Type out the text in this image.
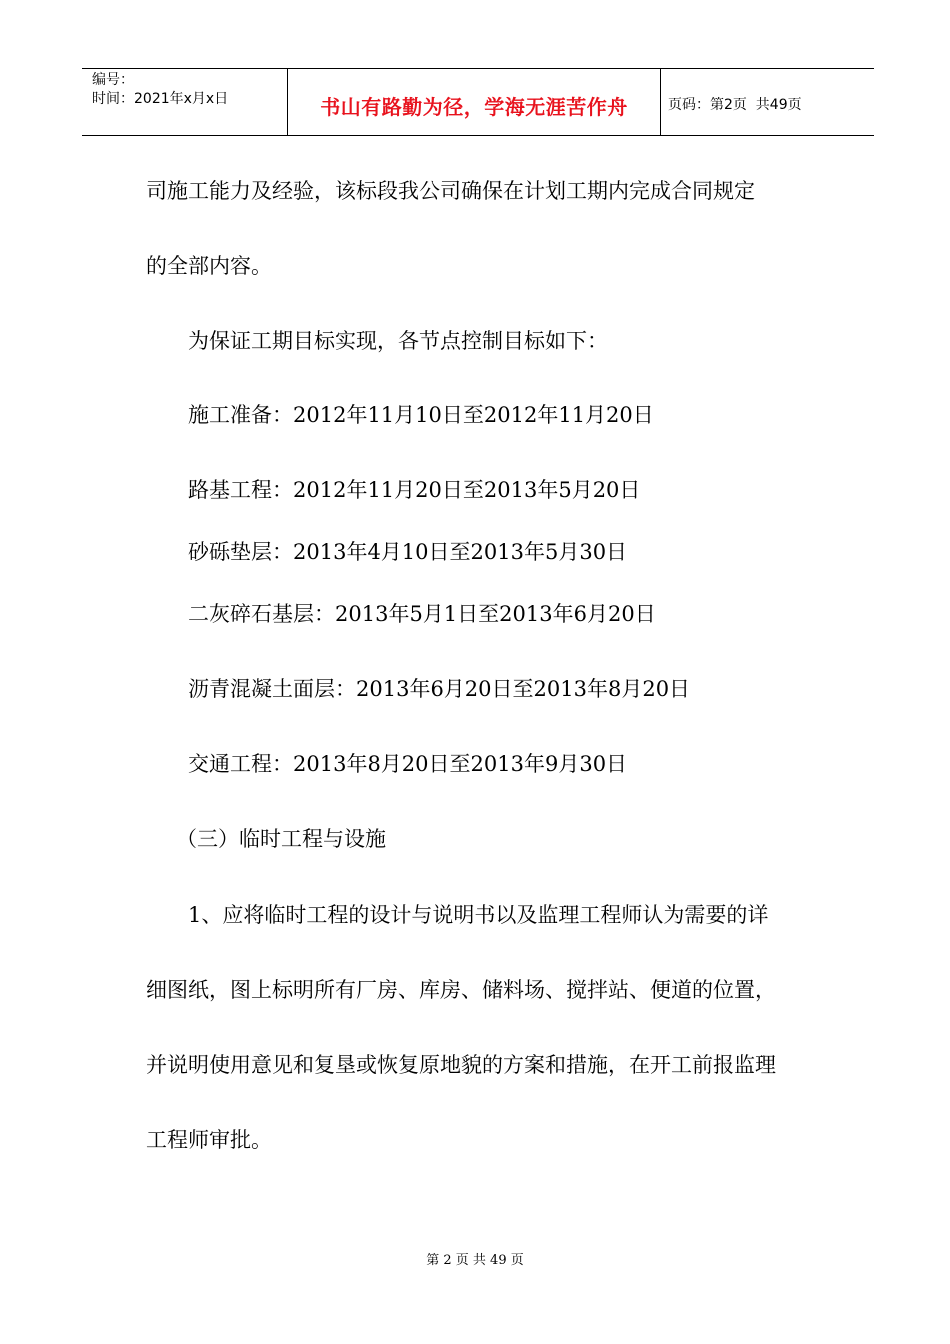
编号：
时间：2021年x月x日	书山有路勤为径，学海无涯苦作舟	页码：第2页  共49页

司施工能力及经验，该标段我公司确保在计划工期内完成合同规定

的全部内容。

为保证工期目标实现，各节点控制目标如下：

施工准备：2012年11月10日至2012年11月20日

路基工程：2012年11月20日至2013年5月20日

砂砾垫层：2013年4月10日至2013年5月30日

二灰碎石基层：2013年5月1日至2013年6月20日

沥青混凝土面层：2013年6月20日至2013年8月20日

交通工程：2013年8月20日至2013年9月30日

（三）临时工程与设施

1、应将临时工程的设计与说明书以及监理工程师认为需要的详

细图纸，图上标明所有厂房、库房、储料场、搅拌站、便道的位置，

并说明使用意见和复垦或恢复原地貌的方案和措施，在开工前报监理

工程师审批。

第 2 页 共 49 页
